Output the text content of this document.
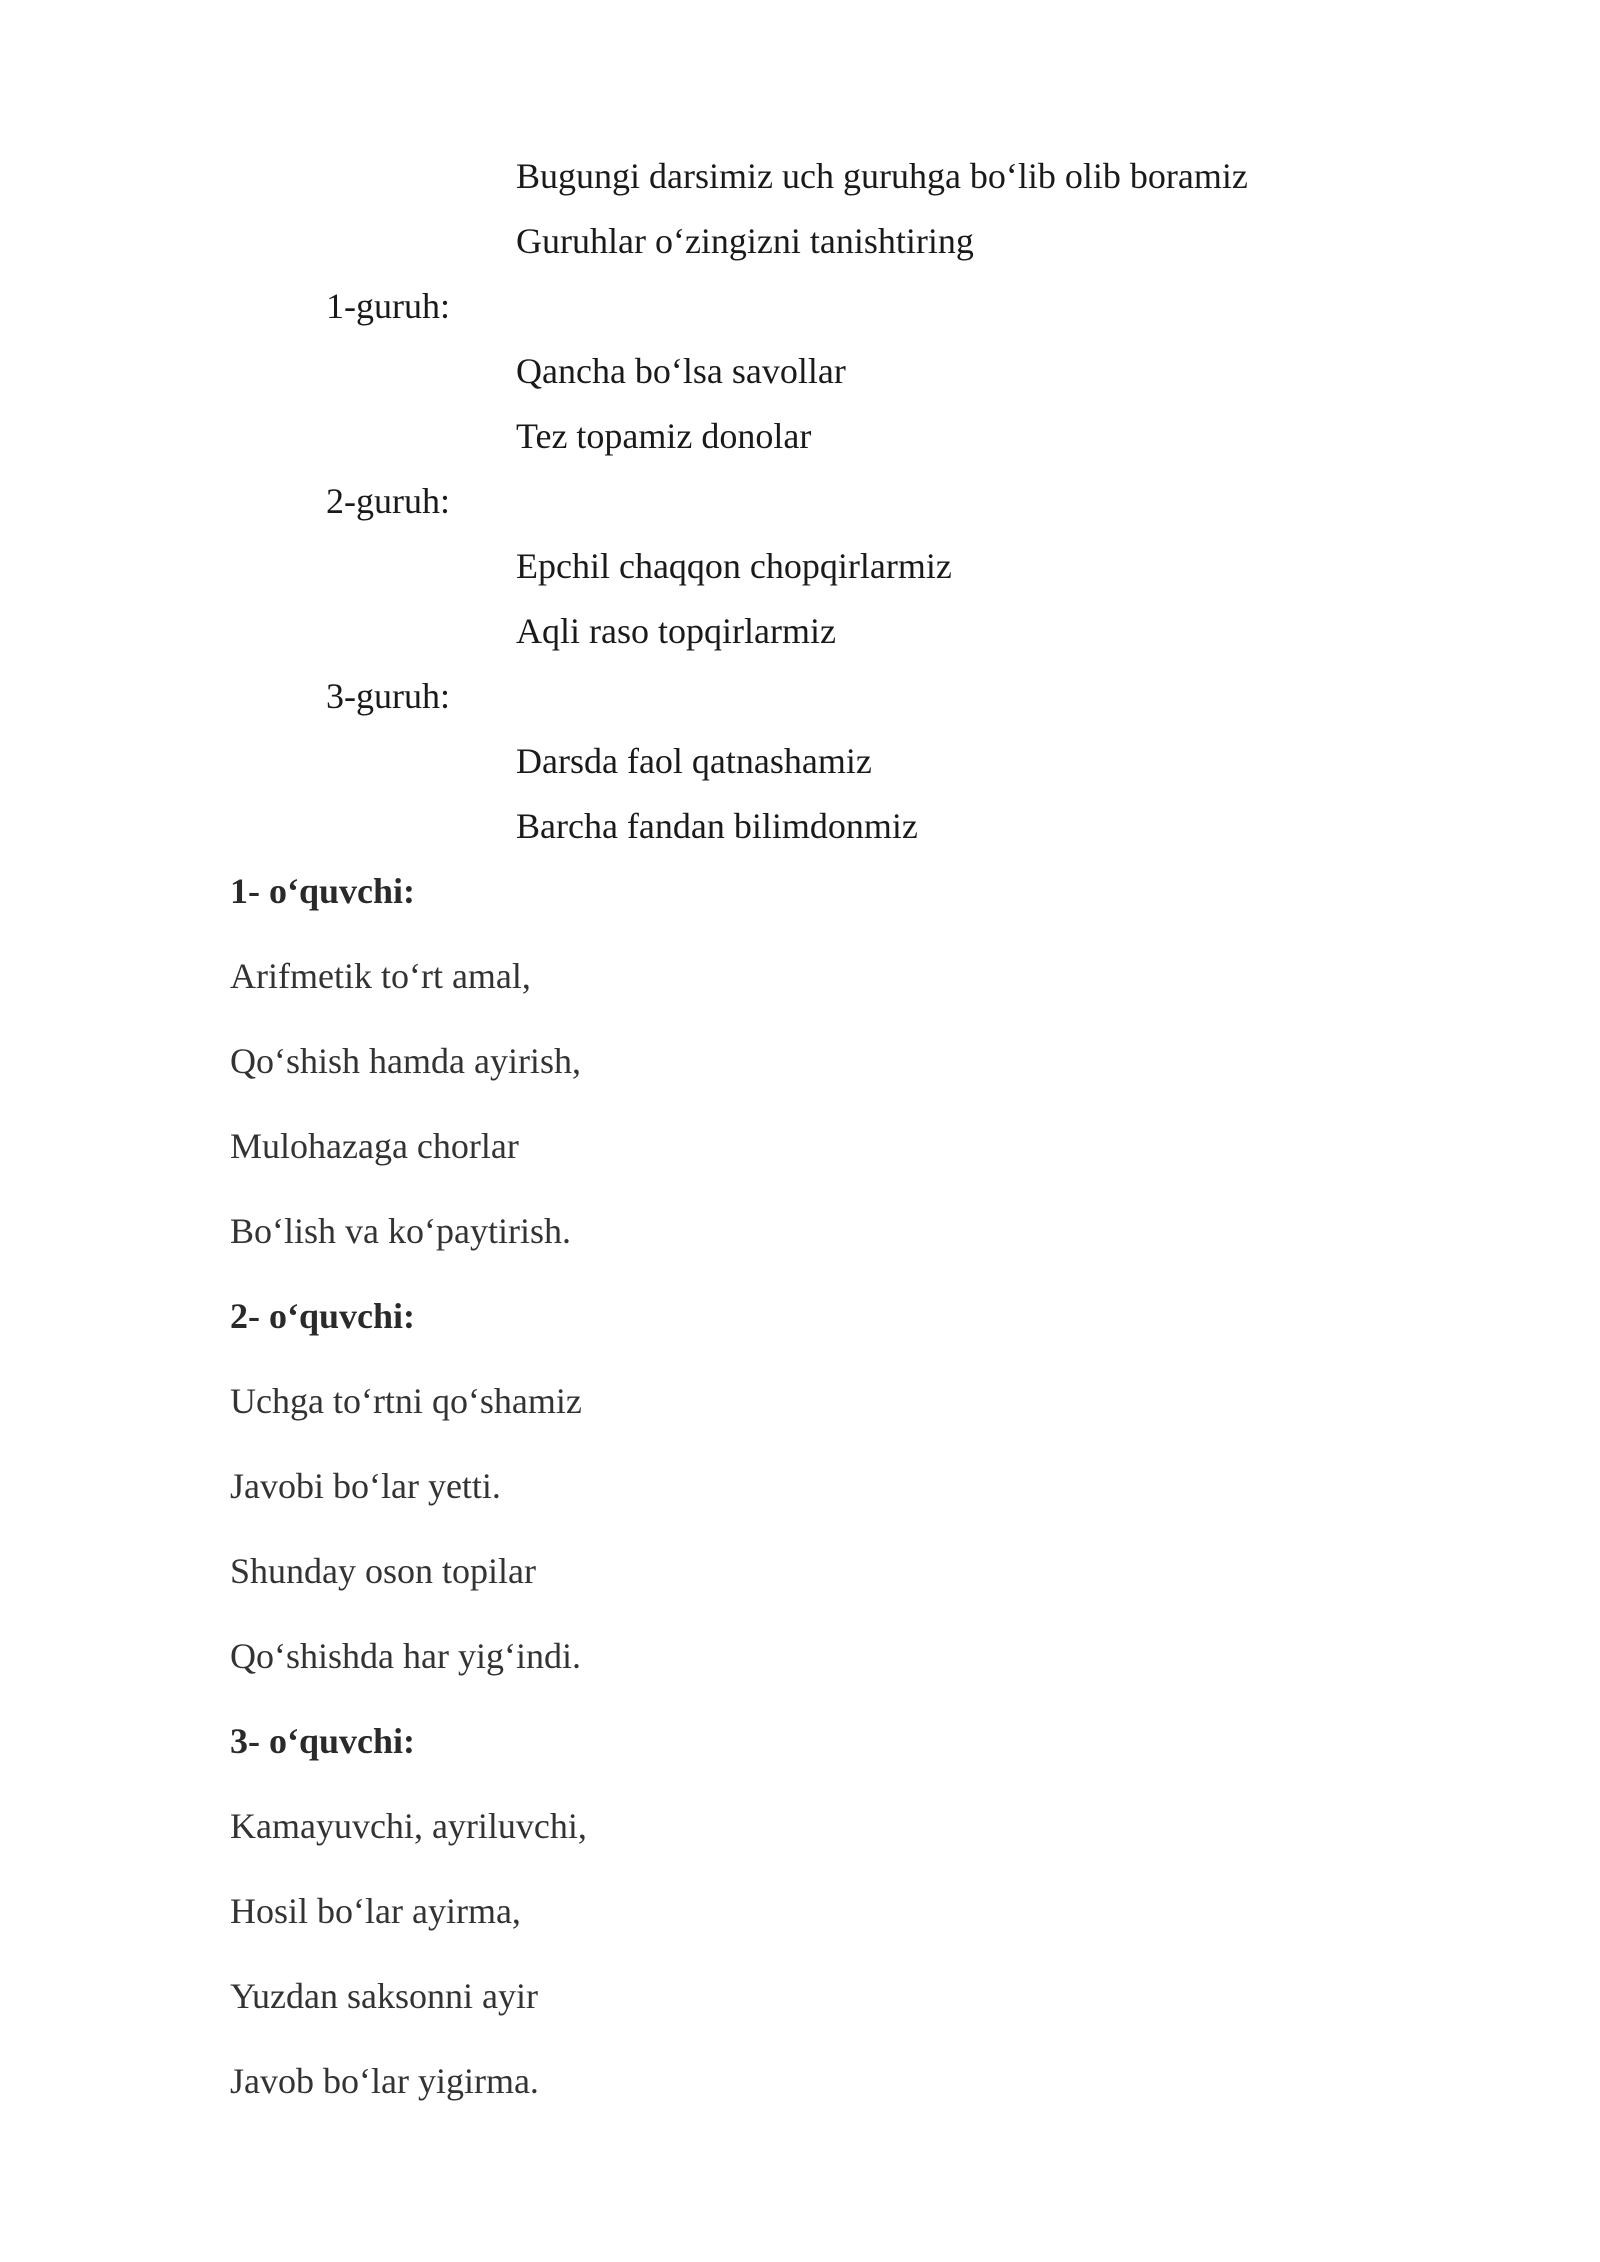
Bugungi darsimiz uch guruhga bo‘lib olib boramiz
Guruhlar o‘zingizni tanishtiring
1-guruh:
Qancha bo‘lsa savollar
Tez topamiz donolar
2-guruh:
Epchil chaqqon chopqirlarmiz
Aqli raso topqirlarmiz
3-guruh:
Darsda faol qatnashamiz
Barcha fandan bilimdonmiz
1- o‘quvchi:
Arifmetik to‘rt amal,
Qo‘shish hamda ayirish,
Mulohazaga chorlar
Bo‘lish va ko‘paytirish.
2- o‘quvchi:
Uchga to‘rtni qo‘shamiz
Javobi bo‘lar yetti.
Shunday oson topilar
Qo‘shishda har yig‘indi.
3- o‘quvchi:
Kamayuvchi, ayriluvchi,
Hosil bo‘lar ayirma,
Yuzdan saksonni ayir
Javob bo‘lar yigirma.
